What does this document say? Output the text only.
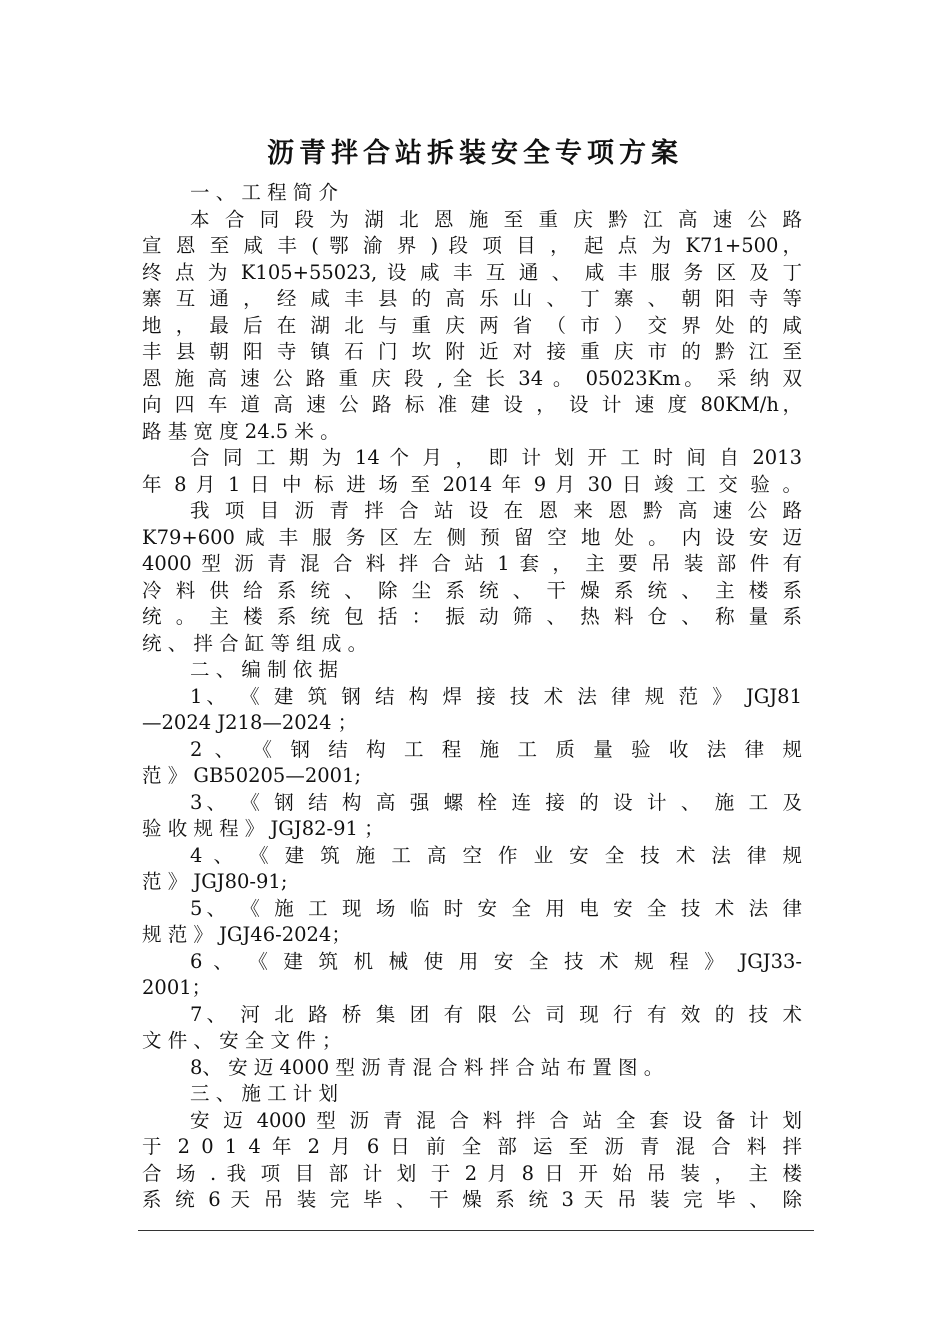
沥青拌合站拆装安全专项方案
一 、 工 程 简 介
本 合 同 段 为 湖 北 恩 施 至 重 庆 黔 江 高 速 公 路
宣 恩 至 咸 丰 ( 鄂 渝 界 ) 段 项 目 ， 起 点 为 K71+500，
终 点 为 K105+55023, 设 咸 丰 互 通 、 咸 丰 服 务 区 及 丁
寨 互 通 ， 经 咸 丰 县 的 高 乐 山 、 丁 寨 、 朝 阳 寺 等
地 ， 最 后 在 湖 北 与 重 庆 两 省 （ 市 ） 交 界 处 的 咸
丰 县 朝 阳 寺 镇 石 门 坎 附 近 对 接 重 庆 市 的 黔 江 至
恩 施 高 速 公 路 重 庆 段 , 全 长 34 。 05023Km。 采 纳 双
向 四 车 道 高 速 公 路 标 准 建 设 ， 设 计 速 度 80KM/h，
路 基 宽 度 24.5 米 。
合 同 工 期 为 14 个 月 ， 即 计 划 开 工 时 间 自 2013
年 8 月 1 日 中 标 进 场 至 2014 年 9 月 30 日 竣 工 交 验 。
我 项 目 沥 青 拌 合 站 设 在 恩 来 恩 黔 高 速 公 路
K79+600 咸 丰 服 务 区 左 侧 预 留 空 地 处 。 内 设 安 迈
4000 型 沥 青 混 合 料 拌 合 站 1 套 ， 主 要 吊 装 部 件 有
冷 料 供 给 系 统 、 除 尘 系 统 、 干 燥 系 统 、 主 楼 系
统 。 主 楼 系 统 包 括 ： 振 动 筛 、 热 料 仓 、 称 量 系
统 、 拌 合 缸 等 组 成 。
二 、 编 制 依 据
1、 《 建 筑 钢 结 构 焊 接 技 术 法 律 规 范 》 JGJ81
—2024 J218—2024 ；
2 、 《 钢 结 构 工 程 施 工 质 量 验 收 法 律 规
范 》 GB50205—2001;
3、 《 钢 结 构 高 强 螺 栓 连 接 的 设 计 、 施 工 及
验 收 规 程 》 JGJ82-91 ；
4 、 《 建 筑 施 工 高 空 作 业 安 全 技 术 法 律 规
范 》 JGJ80-91;
5、 《 施 工 现 场 临 时 安 全 用 电 安 全 技 术 法 律
规 范 》 JGJ46-2024；
6 、 《 建 筑 机 械 使 用 安 全 技 术 规 程 》 JGJ33-
2001；
7、 河 北 路 桥 集 团 有 限 公 司 现 行 有 效 的 技 术
文 件 、 安 全 文 件 ；
8、 安 迈 4000 型 沥 青 混 合 料 拌 合 站 布 置 图 。
三 、 施 工 计 划
安 迈 4000 型 沥 青 混 合 料 拌 合 站 全 套 设 备 计 划
于 2 0 1 4 年 2 月 6 日 前 全 部 运 至 沥 青 混 合 料 拌
合 场 . 我 项 目 部 计 划 于 2 月 8 日 开 始 吊 装 ， 主 楼
系 统 6 天 吊 装 完 毕 、 干 燥 系 统 3 天 吊 装 完 毕 、 除
